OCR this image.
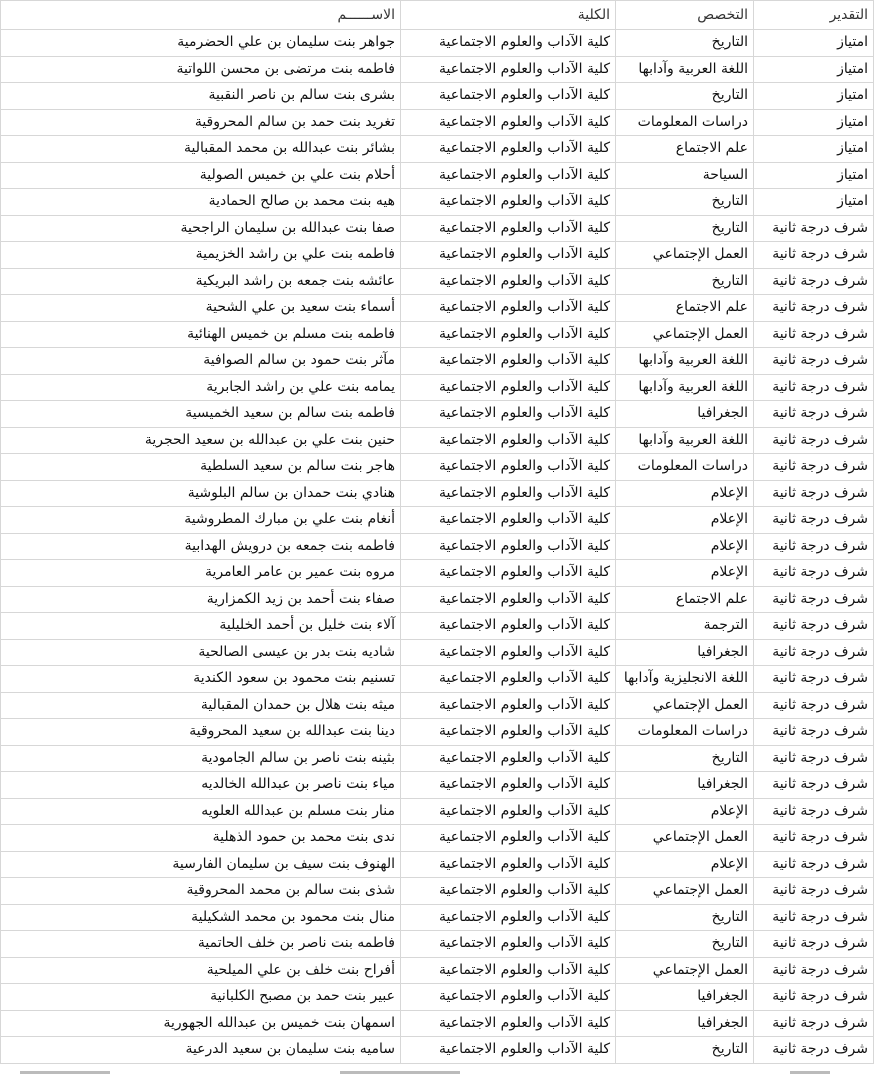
التقدير	التخصص	الكلية	الاســــــم
امتياز	التاريخ	كلية الآداب والعلوم الاجتماعية	جواهر بنت سليمان بن علي الحضرمية
امتياز	اللغة العربية وآدابها	كلية الآداب والعلوم الاجتماعية	فاطمه بنت مرتضى بن محسن اللواتية
امتياز	التاريخ	كلية الآداب والعلوم الاجتماعية	بشرى بنت سالم بن ناصر النقبية
امتياز	دراسات المعلومات	كلية الآداب والعلوم الاجتماعية	تغريد بنت حمد بن سالم المحروقية
امتياز	علم الاجتماع	كلية الآداب والعلوم الاجتماعية	بشائر بنت عبدالله بن محمد المقبالية
امتياز	السياحة	كلية الآداب والعلوم الاجتماعية	أحلام بنت علي بن خميس الصولية
امتياز	التاريخ	كلية الآداب والعلوم الاجتماعية	هيه بنت محمد بن صالح الحمادية
شرف درجة ثانية	التاريخ	كلية الآداب والعلوم الاجتماعية	صفا بنت عبدالله بن سليمان الراجحية
شرف درجة ثانية	العمل الإجتماعي	كلية الآداب والعلوم الاجتماعية	فاطمه بنت علي بن راشد الخزيمية
شرف درجة ثانية	التاريخ	كلية الآداب والعلوم الاجتماعية	عائشه بنت جمعه بن راشد البريكية
شرف درجة ثانية	علم الاجتماع	كلية الآداب والعلوم الاجتماعية	أسماء بنت سعيد بن علي الشحية
شرف درجة ثانية	العمل الإجتماعي	كلية الآداب والعلوم الاجتماعية	فاطمه بنت مسلم بن خميس الهنائية
شرف درجة ثانية	اللغة العربية وآدابها	كلية الآداب والعلوم الاجتماعية	مآثر بنت حمود بن سالم الصوافية
شرف درجة ثانية	اللغة العربية وآدابها	كلية الآداب والعلوم الاجتماعية	يمامه بنت علي بن راشد الجابرية
شرف درجة ثانية	الجغرافيا	كلية الآداب والعلوم الاجتماعية	فاطمه بنت سالم بن سعيد الخميسية
شرف درجة ثانية	اللغة العربية وآدابها	كلية الآداب والعلوم الاجتماعية	حنين بنت علي بن عبدالله بن سعيد الحجرية
شرف درجة ثانية	دراسات المعلومات	كلية الآداب والعلوم الاجتماعية	هاجر بنت سالم بن سعيد السلطية
شرف درجة ثانية	الإعلام	كلية الآداب والعلوم الاجتماعية	هنادي بنت حمدان بن سالم البلوشية
شرف درجة ثانية	الإعلام	كلية الآداب والعلوم الاجتماعية	أنغام بنت علي بن مبارك المطروشية
شرف درجة ثانية	الإعلام	كلية الآداب والعلوم الاجتماعية	فاطمه بنت جمعه بن درويش الهدابية
شرف درجة ثانية	الإعلام	كلية الآداب والعلوم الاجتماعية	مروه بنت عمير بن عامر العامرية
شرف درجة ثانية	علم الاجتماع	كلية الآداب والعلوم الاجتماعية	صفاء بنت أحمد بن زيد الكمزارية
شرف درجة ثانية	الترجمة	كلية الآداب والعلوم الاجتماعية	آلاء بنت خليل بن أحمد الخليلية
شرف درجة ثانية	الجغرافيا	كلية الآداب والعلوم الاجتماعية	شاديه بنت بدر بن عيسى الصالحية
شرف درجة ثانية	اللغة الانجليزية وآدابها	كلية الآداب والعلوم الاجتماعية	تسنيم بنت محمود بن سعود الكندية
شرف درجة ثانية	العمل الإجتماعي	كلية الآداب والعلوم الاجتماعية	ميثه بنت هلال بن حمدان المقبالية
شرف درجة ثانية	دراسات المعلومات	كلية الآداب والعلوم الاجتماعية	دينا بنت عبدالله بن سعيد المحروقية
شرف درجة ثانية	التاريخ	كلية الآداب والعلوم الاجتماعية	بثينه بنت ناصر بن سالم الجامودية
شرف درجة ثانية	الجغرافيا	كلية الآداب والعلوم الاجتماعية	مياء بنت ناصر بن عبدالله الخالديه
شرف درجة ثانية	الإعلام	كلية الآداب والعلوم الاجتماعية	منار بنت مسلم بن عبدالله العلويه
شرف درجة ثانية	العمل الإجتماعي	كلية الآداب والعلوم الاجتماعية	ندى بنت محمد بن حمود الذهلية
شرف درجة ثانية	الإعلام	كلية الآداب والعلوم الاجتماعية	الهنوف بنت سيف بن سليمان الفارسية
شرف درجة ثانية	العمل الإجتماعي	كلية الآداب والعلوم الاجتماعية	شذى بنت سالم بن محمد المحروقية
شرف درجة ثانية	التاريخ	كلية الآداب والعلوم الاجتماعية	منال بنت محمود بن محمد الشكيلية
شرف درجة ثانية	التاريخ	كلية الآداب والعلوم الاجتماعية	فاطمه بنت ناصر بن خلف الحاتمية
شرف درجة ثانية	العمل الإجتماعي	كلية الآداب والعلوم الاجتماعية	أفراح بنت خلف بن علي الميلحية
شرف درجة ثانية	الجغرافيا	كلية الآداب والعلوم الاجتماعية	عبير بنت حمد بن مصبح الكلبانية
شرف درجة ثانية	الجغرافيا	كلية الآداب والعلوم الاجتماعية	اسمهان بنت خميس بن عبدالله الجهورية
شرف درجة ثانية	التاريخ	كلية الآداب والعلوم الاجتماعية	ساميه بنت سليمان بن سعيد الدرعية
